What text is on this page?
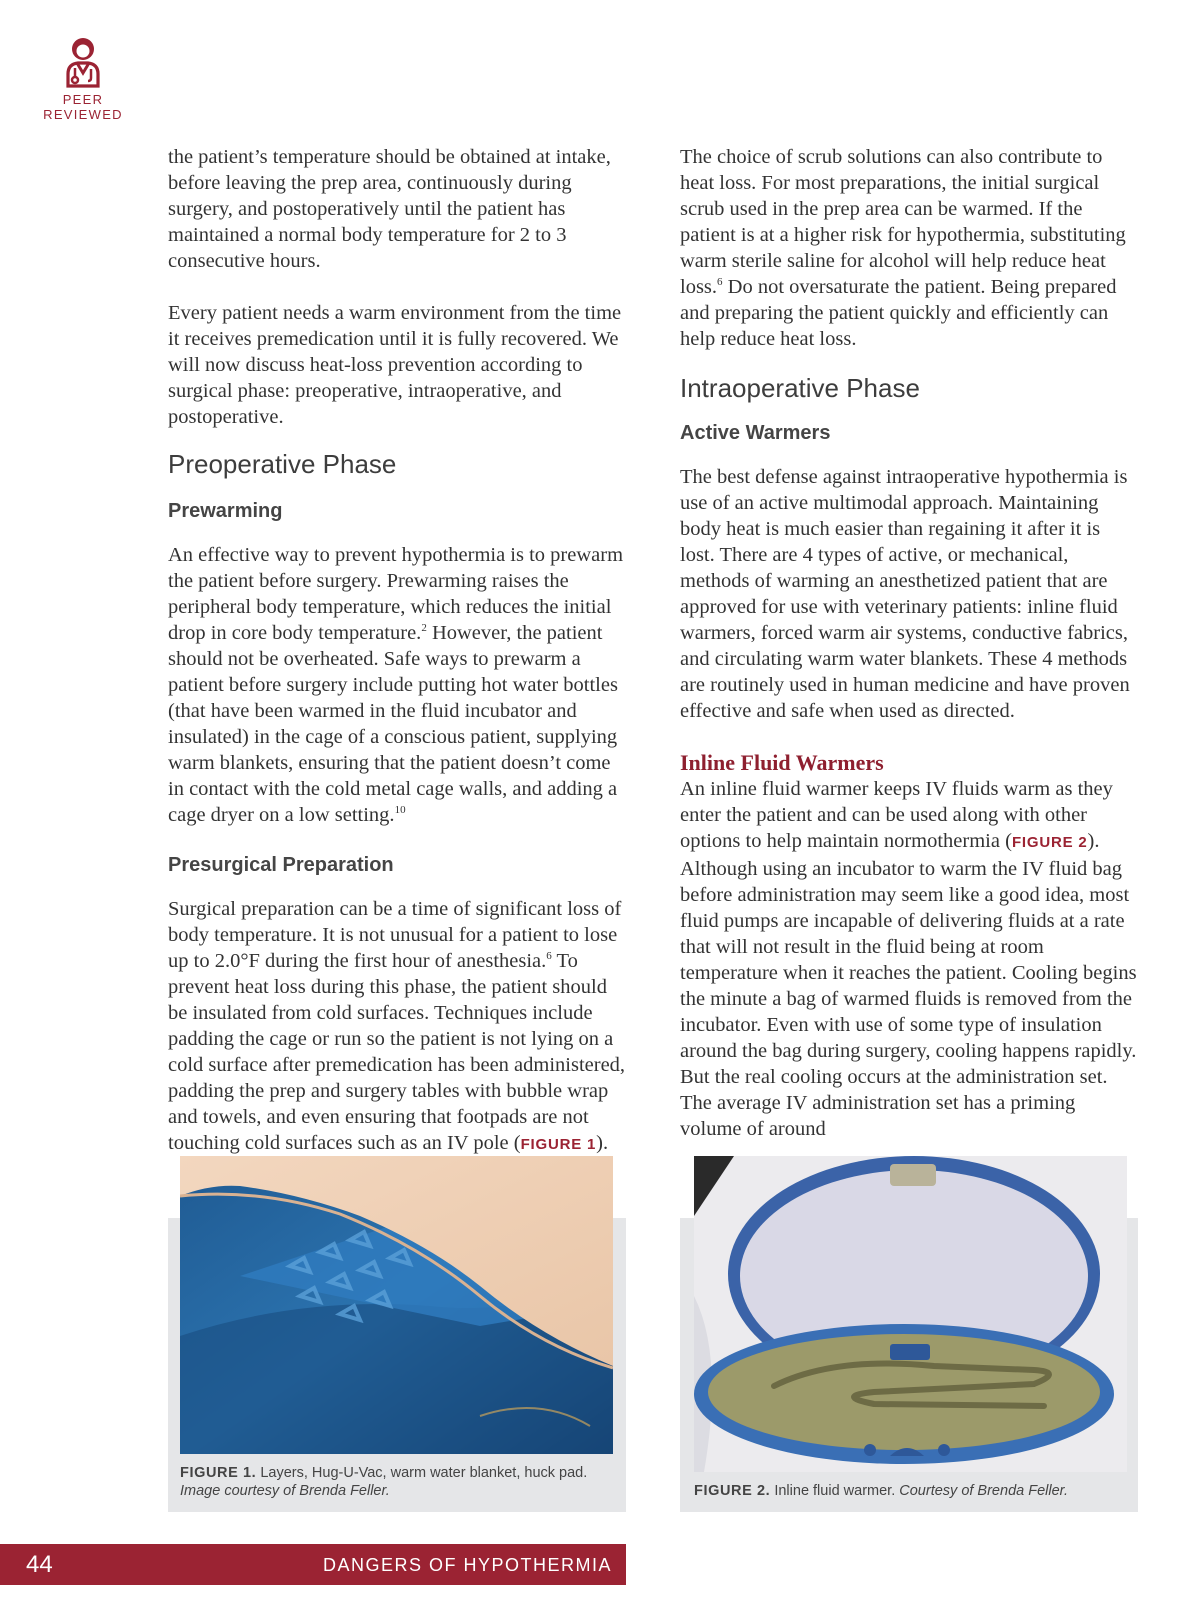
PEER
REVIEWED

the patient’s temperature should be obtained at intake, before leaving the prep area, continuously during surgery, and postoperatively until the patient has maintained a normal body temperature for 2 to 3 consecutive hours.

Every patient needs a warm environment from the time it receives premedication until it is fully recovered. We will now discuss heat-loss prevention according to surgical phase: preoperative, intraoperative, and postoperative.

Preoperative Phase
Prewarming

An effective way to prevent hypothermia is to prewarm the patient before surgery. Prewarming raises the peripheral body temperature, which reduces the initial drop in core body temperature.$^2$ However, the patient should not be overheated. Safe ways to prewarm a patient before surgery include putting hot water bottles (that have been warmed in the fluid incubator and insulated) in the cage of a conscious patient, supplying warm blankets, ensuring that the patient doesn’t come in contact with the cold metal cage walls, and adding a cage dryer on a low setting.$^{10}$

Presurgical Preparation

Surgical preparation can be a time of significant loss of body temperature. It is not unusual for a patient to lose up to 2.0°F during the first hour of anesthesia.$^6$ To prevent heat loss during this phase, the patient should be insulated from cold surfaces. Techniques include padding the cage or run so the patient is not lying on a cold surface after premedication has been administered, padding the prep and surgery tables with bubble wrap and towels, and even ensuring that footpads are not touching cold surfaces such as an IV pole (FIGURE 1).

The choice of scrub solutions can also contribute to heat loss. For most preparations, the initial surgical scrub used in the prep area can be warmed. If the patient is at a higher risk for hypothermia, substituting warm sterile saline for alcohol will help reduce heat loss.$^6$ Do not oversaturate the patient. Being prepared and preparing the patient quickly and efficiently can help reduce heat loss.

Intraoperative Phase
Active Warmers

The best defense against intraoperative hypothermia is use of an active multimodal approach. Maintaining body heat is much easier than regaining it after it is lost. There are 4 types of active, or mechanical, methods of warming an anesthetized patient that are approved for use with veterinary patients: inline fluid warmers, forced warm air systems, conductive fabrics, and circulating warm water blankets. These 4 methods are routinely used in human medicine and have proven effective and safe when used as directed.

Inline Fluid Warmers

An inline fluid warmer keeps IV fluids warm as they enter the patient and can be used along with other options to help maintain normothermia (FIGURE 2). Although using an incubator to warm the IV fluid bag before administration may seem like a good idea, most fluid pumps are incapable of delivering fluids at a rate that will not result in the fluid being at room temperature when it reaches the patient. Cooling begins the minute a bag of warmed fluids is removed from the incubator. Even with use of some type of insulation around the bag during surgery, cooling happens rapidly. But the real cooling occurs at the administration set. The average IV administration set has a priming volume of around

FIGURE 1. Layers, Hug-U-Vac, warm water blanket, huck pad.
Image courtesy of Brenda Feller.	FIGURE 2. Inline fluid warmer. Courtesy of Brenda Feller.
44	DANGERS OF HYPOTHERMIA
